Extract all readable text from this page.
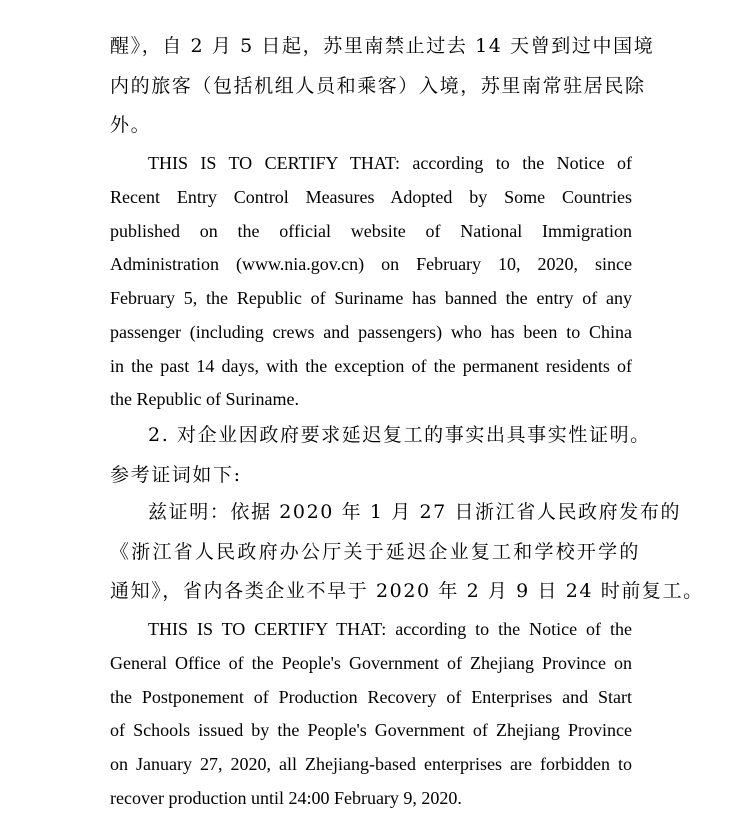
醒》，自 2 月 5 日起，苏里南禁止过去 14 天曾到过中国境
内的旅客（包括机组人员和乘客）入境，苏里南常驻居民除
外。
THIS IS TO CERTIFY THAT: according to the Notice of
Recent Entry Control Measures Adopted by Some Countries
published on the official website of National Immigration
Administration (www.nia.gov.cn) on February 10, 2020, since
February 5, the Republic of Suriname has banned the entry of any
passenger (including crews and passengers) who has been to China
in the past 14 days, with the exception of the permanent residents of
the Republic of Suriname.
2. 对企业因政府要求延迟复工的事实出具事实性证明。
参考证词如下:
兹证明：依据 2020 年 1 月 27 日浙江省人民政府发布的
《浙江省人民政府办公厅关于延迟企业复工和学校开学的
通知》，省内各类企业不早于 2020 年 2 月 9 日 24 时前复工。
THIS IS TO CERTIFY THAT: according to the Notice of the
General Office of the People's Government of Zhejiang Province on
the Postponement of Production Recovery of Enterprises and Start
of Schools issued by the People's Government of Zhejiang Province
on January 27, 2020, all Zhejiang-based enterprises are forbidden to
recover production until 24:00 February 9, 2020.
